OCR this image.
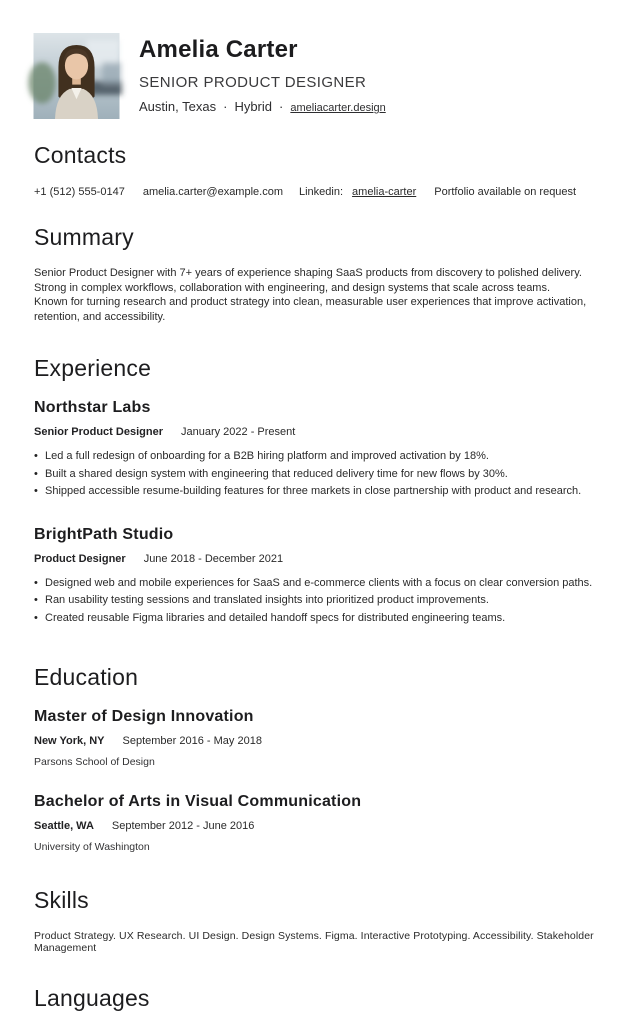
Amelia Carter
SENIOR PRODUCT DESIGNER
Austin, Texas · Hybrid · ameliacarter.design
Contacts
+1 (512) 555-0147 amelia.carter@example.com Linkedin: amelia-carter Portfolio available on request
Summary
Senior Product Designer with 7+ years of experience shaping SaaS products from discovery to polished delivery. Strong in complex workflows, collaboration with engineering, and design systems that scale across teams.
Known for turning research and product strategy into clean, measurable user experiences that improve activation, retention, and accessibility.
Experience
Northstar Labs
Senior Product Designer January 2022 - Present
• Led a full redesign of onboarding for a B2B hiring platform and improved activation by 18%.
• Built a shared design system with engineering that reduced delivery time for new flows by 30%.
• Shipped accessible resume-building features for three markets in close partnership with product and research.
BrightPath Studio
Product Designer June 2018 - December 2021
• Designed web and mobile experiences for SaaS and e-commerce clients with a focus on clear conversion paths.
• Ran usability testing sessions and translated insights into prioritized product improvements.
• Created reusable Figma libraries and detailed handoff specs for distributed engineering teams.
Education
Master of Design Innovation
New York, NY September 2016 - May 2018
Parsons School of Design
Bachelor of Arts in Visual Communication
Seattle, WA September 2012 - June 2016
University of Washington
Skills
Product Strategy. UX Research. UI Design. Design Systems. Figma. Interactive Prototyping. Accessibility. Stakeholder Management
Languages
